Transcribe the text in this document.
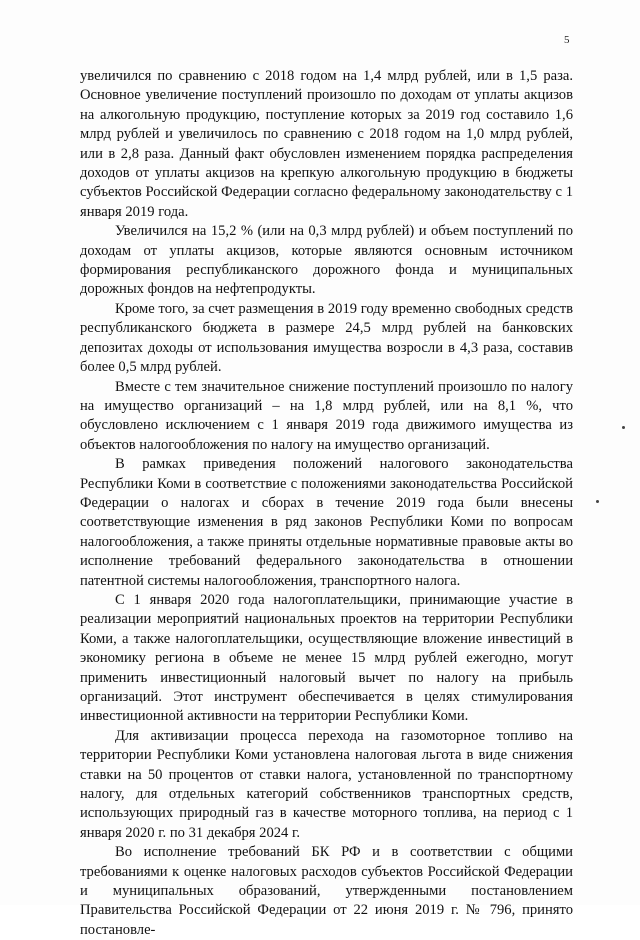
5

увеличился по сравнению с 2018 годом на 1,4 млрд рублей, или в 1,5 раза. Основное увеличение поступлений произошло по доходам от уплаты акцизов на алкогольную продукцию, поступление которых за 2019 год составило 1,6 млрд рублей и увеличилось по сравнению с 2018 годом на 1,0 млрд рублей, или в 2,8 раза. Данный факт обусловлен изменением порядка распределения доходов от уплаты акцизов на крепкую алкогольную продукцию в бюджеты субъектов Российской Федерации согласно федеральному законодательству с 1 января 2019 года.

Увеличился на 15,2 % (или на 0,3 млрд рублей) и объем поступлений по доходам от уплаты акцизов, которые являются основным источником формирования республиканского дорожного фонда и муниципальных дорожных фондов на нефтепродукты.

Кроме того, за счет размещения в 2019 году временно свободных средств республиканского бюджета в размере 24,5 млрд рублей на банковских депозитах доходы от использования имущества возросли в 4,3 раза, составив более 0,5 млрд рублей.

Вместе с тем значительное снижение поступлений произошло по налогу на имущество организаций – на 1,8 млрд рублей, или на 8,1 %, что обусловлено исключением с 1 января 2019 года движимого имущества из объектов налогообложения по налогу на имущество организаций.

В рамках приведения положений налогового законодательства Республики Коми в соответствие с положениями законодательства Российской Федерации о налогах и сборах в течение 2019 года были внесены соответствующие изменения в ряд законов Республики Коми по вопросам налогообложения, а также приняты отдельные нормативные правовые акты во исполнение требований федерального законодательства в отношении патентной системы налогообложения, транспортного налога.

С 1 января 2020 года налогоплательщики, принимающие участие в реализации мероприятий национальных проектов на территории Республики Коми, а также налогоплательщики, осуществляющие вложение инвестиций в экономику региона в объеме не менее 15 млрд рублей ежегодно, могут применить инвестиционный налоговый вычет по налогу на прибыль организаций. Этот инструмент обеспечивается в целях стимулирования инвестиционной активности на территории Республики Коми.

Для активизации процесса перехода на газомоторное топливо на территории Республики Коми установлена налоговая льгота в виде снижения ставки на 50 процентов от ставки налога, установленной по транспортному налогу, для отдельных категорий собственников транспортных средств, использующих природный газ в качестве моторного топлива, на период с 1 января 2020 г. по 31 декабря 2024 г.

Во исполнение требований БК РФ и в соответствии с общими требованиями к оценке налоговых расходов субъектов Российской Федерации и муниципальных образований, утвержденными постановлением Правительства Российской Федерации от 22 июня 2019 г. № 796, принято постановле-
